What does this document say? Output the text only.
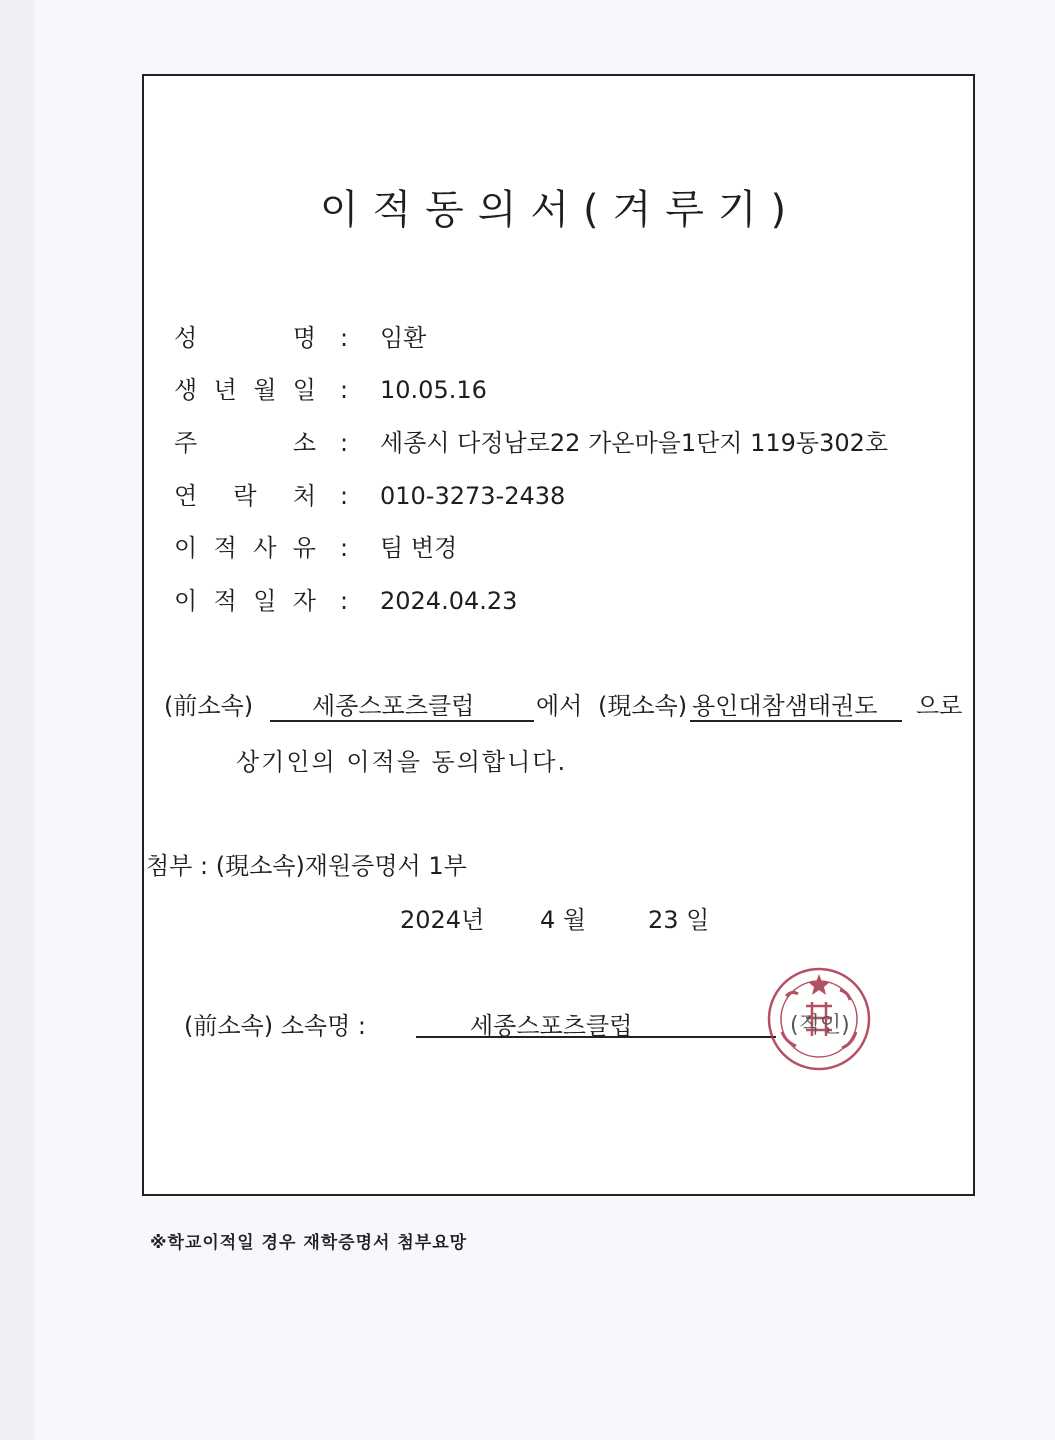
이적동의서(겨루기)
성	명 : 임환
생 년 월 일 : 10.05.16
주	소 : 세종시 다정남로22 가온마을1단지 119동302호
연 락 처 : 010-3273-2438
이 적 사 유 : 팀 변경
이 적 일 자 : 2024.04.23
(前소속) 세종스포츠클럽	에서 (現소속) 용인대참샘태권도 으로
상기인의 이적을 동의합니다.
첨부 : (現소속)재원증명서 1부
2024년 4 월	23 일
(前소속) 소속명 :	세종스포츠클럽	(직인)
※학교이적일 경우 재학증명서 첨부요망
